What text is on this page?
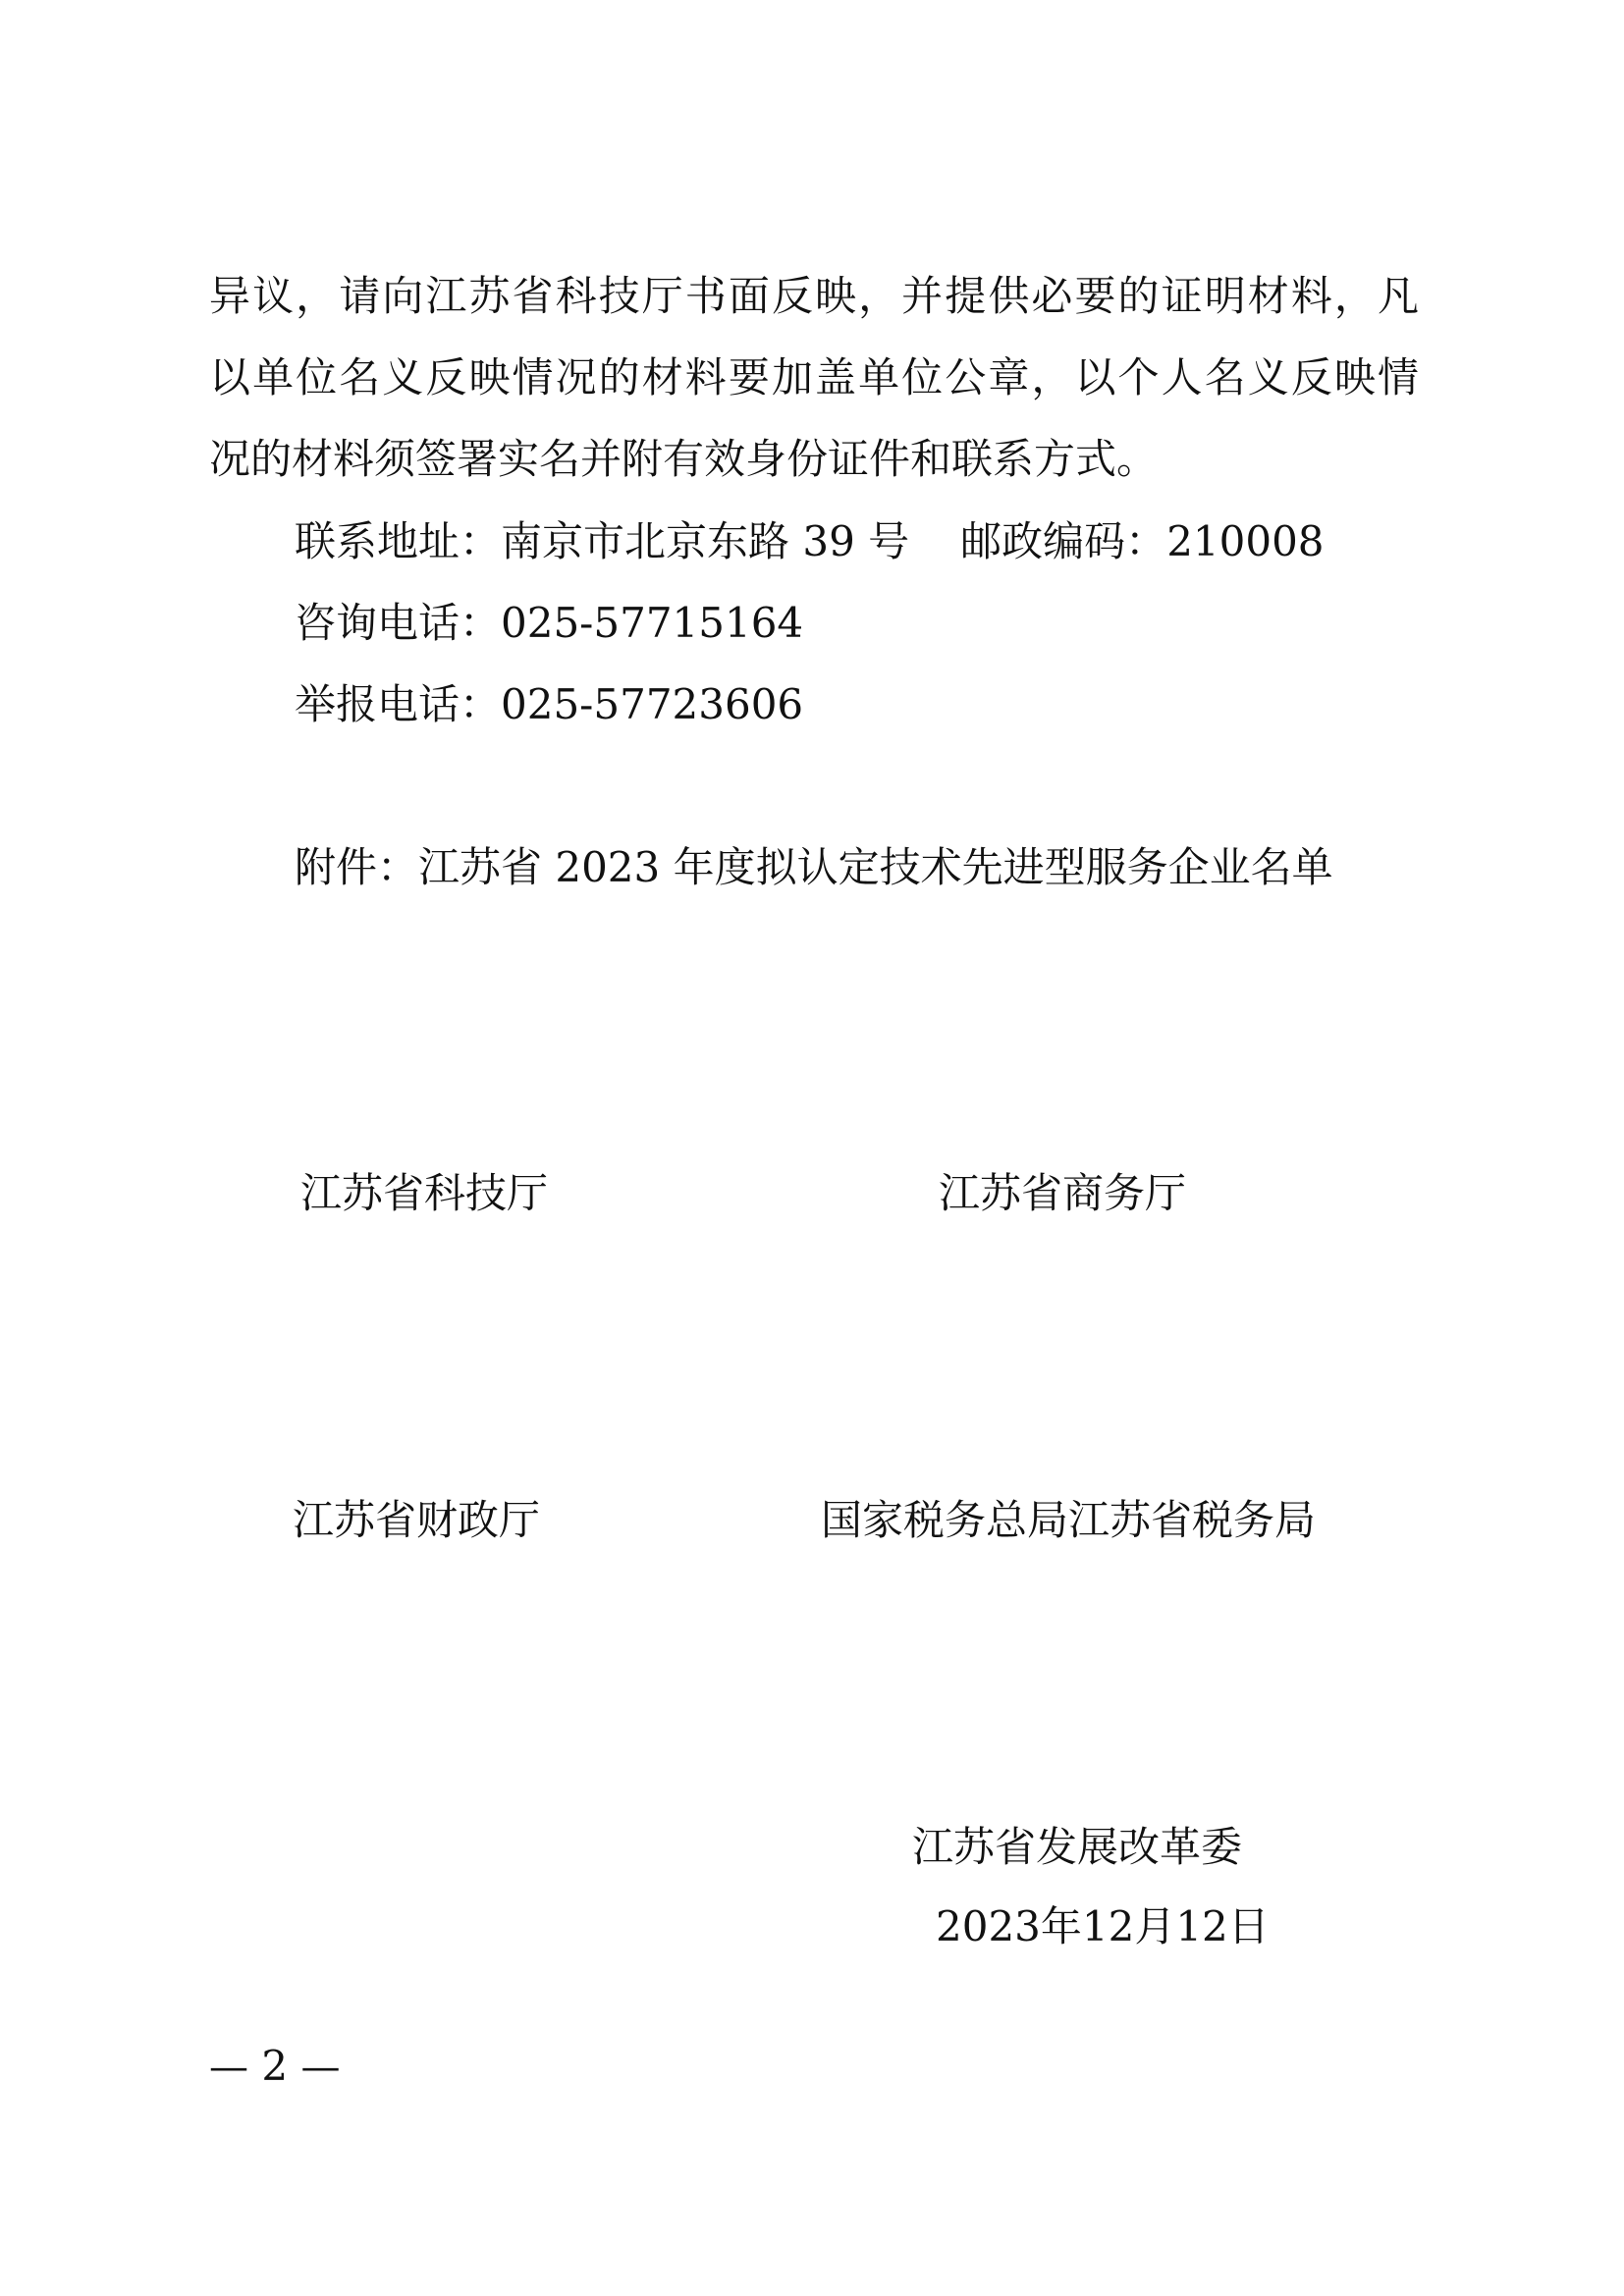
异议，请向江苏省科技厅书面反映，并提供必要的证明材料，凡
以单位名义反映情况的材料要加盖单位公章，以个人名义反映情
况的材料须签署实名并附有效身份证件和联系方式。
联系地址：南京市北京东路 39 号 邮政编码：210008
咨询电话：025-57715164
举报电话：025-57723606
附件：江苏省 2023 年度拟认定技术先进型服务企业名单
江苏省科技厅	江苏省商务厅
江苏省财政厅	国家税务总局江苏省税务局
江苏省发展改革委
2023年12月12日
— 2 —
